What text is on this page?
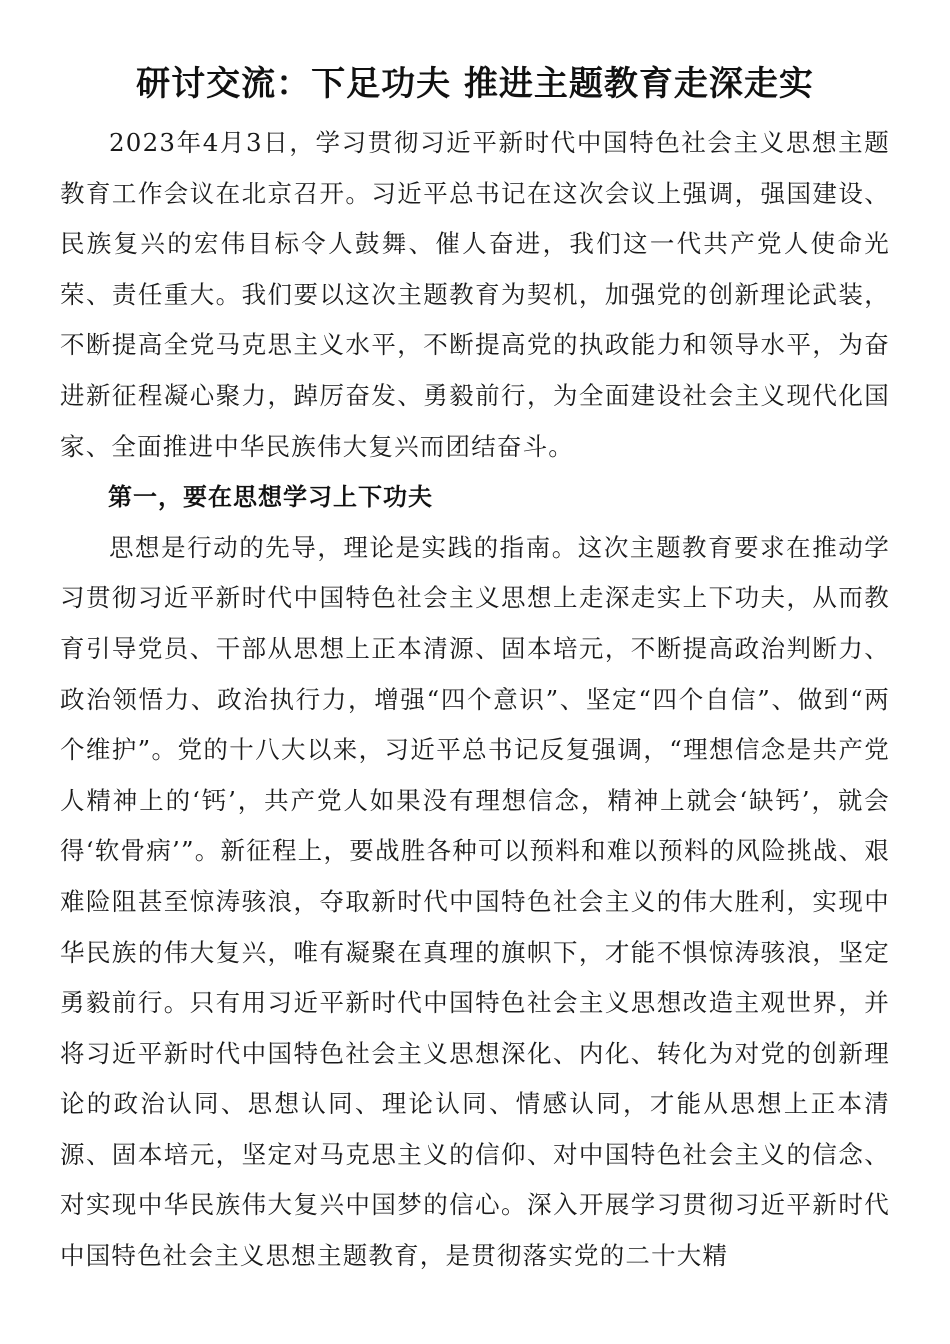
研讨交流：下足功夫 推进主题教育走深走实

2023年4月3日，学习贯彻习近平新时代中国特色社会主义思想主题教育工作会议在北京召开。习近平总书记在这次会议上强调，强国建设、民族复兴的宏伟目标令人鼓舞、催人奋进，我们这一代共产党人使命光荣、责任重大。我们要以这次主题教育为契机，加强党的创新理论武装，不断提高全党马克思主义水平，不断提高党的执政能力和领导水平，为奋进新征程凝心聚力，踔厉奋发、勇毅前行，为全面建设社会主义现代化国家、全面推进中华民族伟大复兴而团结奋斗。

第一，要在思想学习上下功夫

思想是行动的先导，理论是实践的指南。这次主题教育要求在推动学习贯彻习近平新时代中国特色社会主义思想上走深走实上下功夫，从而教育引导党员、干部从思想上正本清源、固本培元，不断提高政治判断力、政治领悟力、政治执行力，增强“四个意识”、坚定“四个自信”、做到“两个维护”。党的十八大以来，习近平总书记反复强调，“理想信念是共产党人精神上的‘钙’，共产党人如果没有理想信念，精神上就会‘缺钙’，就会得‘软骨病’”。新征程上，要战胜各种可以预料和难以预料的风险挑战、艰难险阻甚至惊涛骇浪，夺取新时代中国特色社会主义的伟大胜利，实现中华民族的伟大复兴，唯有凝聚在真理的旗帜下，才能不惧惊涛骇浪，坚定勇毅前行。只有用习近平新时代中国特色社会主义思想改造主观世界，并将习近平新时代中国特色社会主义思想深化、内化、转化为对党的创新理论的政治认同、思想认同、理论认同、情感认同，才能从思想上正本清源、固本培元，坚定对马克思主义的信仰、对中国特色社会主义的信念、对实现中华民族伟大复兴中国梦的信心。深入开展学习贯彻习近平新时代中国特色社会主义思想主题教育，是贯彻落实党的二十大精
